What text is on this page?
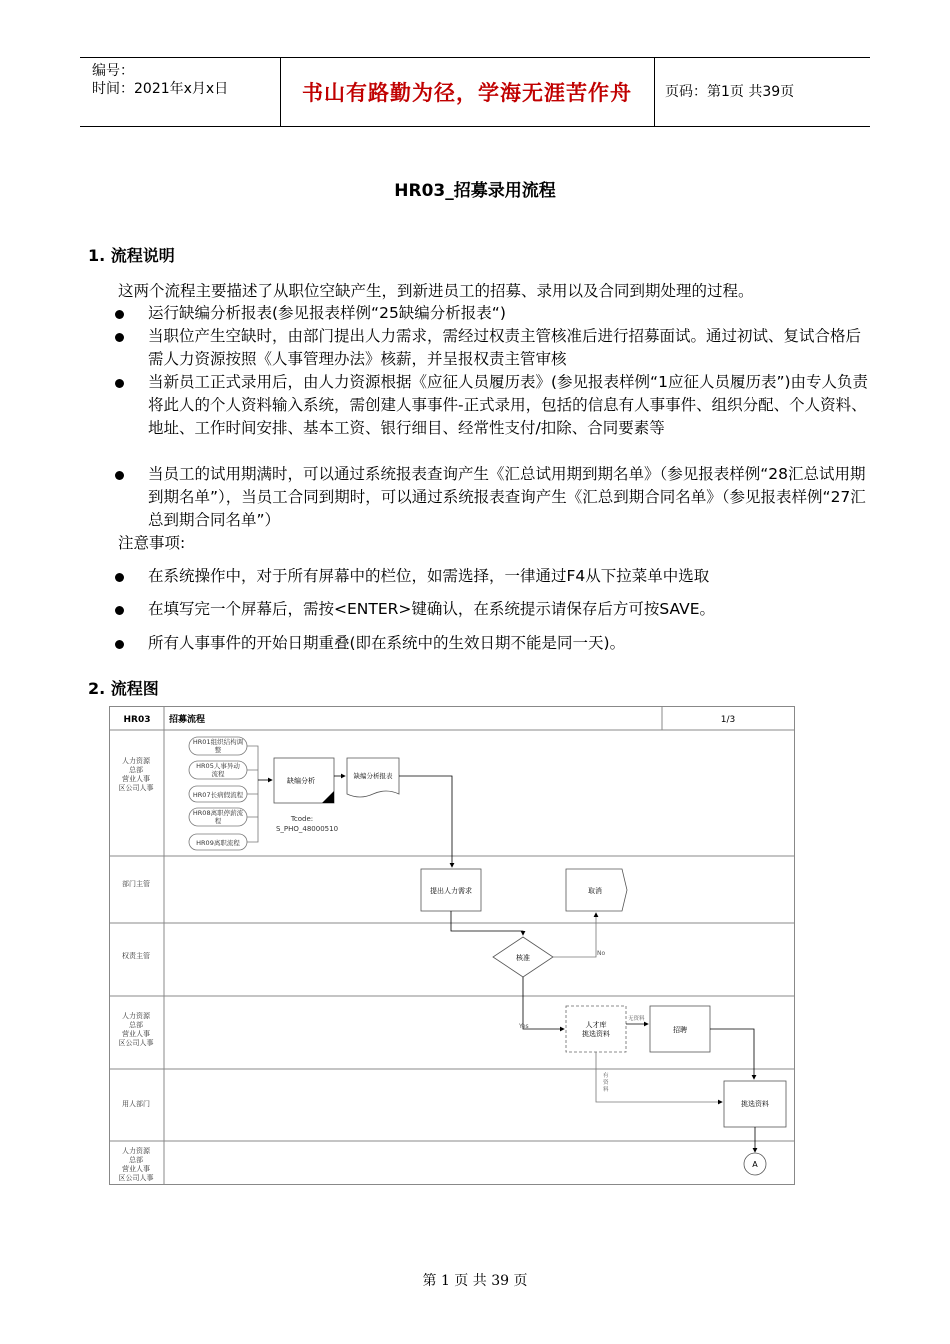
编号：
时间：2021年x月x日	书山有路勤为径，学海无涯苦作舟 页码：第1页 共39页
HR03_招募录用流程
1. 流程说明
这两个流程主要描述了从职位空缺产生，到新进员工的招募、录用以及合同到期处理的过程。
运行缺编分析报表(参见报表样例“25缺编分析报表“)
当职位产生空缺时，由部门提出人力需求，需经过权责主管核准后进行招募面试。通过初试、复试合格后需人力资源按照《人事管理办法》核薪，并呈报权责主管审核
当新员工正式录用后，由人力资源根据《应征人员履历表》(参见报表样例“1应征人员履历表”)由专人负责将此人的个人资料输入系统，需创建人事事件-正式录用，包括的信息有人事事件、组织分配、个人资料、地址、工作时间安排、基本工资、银行细目、经常性支付/扣除、合同要素等
当员工的试用期满时，可以通过系统报表查询产生《汇总试用期到期名单》（参见报表样例“28汇总试用期到期名单”），当员工合同到期时，可以通过系统报表查询产生《汇总到期合同名单》（参见报表样例“27汇总到期合同名单”）
注意事项:
在系统操作中，对于所有屏幕中的栏位，如需选择，一律通过F4从下拉菜单中选取
在填写完一个屏幕后，需按<ENTER>键确认，在系统提示请保存后方可按SAVE。
所有人事事件的开始日期重叠(即在系统中的生效日期不能是同一天)。
2. 流程图
HR03 招募流程	1/3
人力资源总部营业人事区公司人事
部门主管
权责主管
人力资源总部营业人事区公司人事
用人部门
人力资源总部营业人事区公司人事
HR01组织结构调整
HR05人事异动流程
HR07长病假流程
HR08离职停薪流程
HR09离职流程
缺编分析
缺编分析报表
Tcode:
S_PHO_48000510
提出人力需求	取消
核准
No
Yes	人才库挑选资料
无资料
招聘
有资料
挑选资料
A
第 1 页 共 39 页
